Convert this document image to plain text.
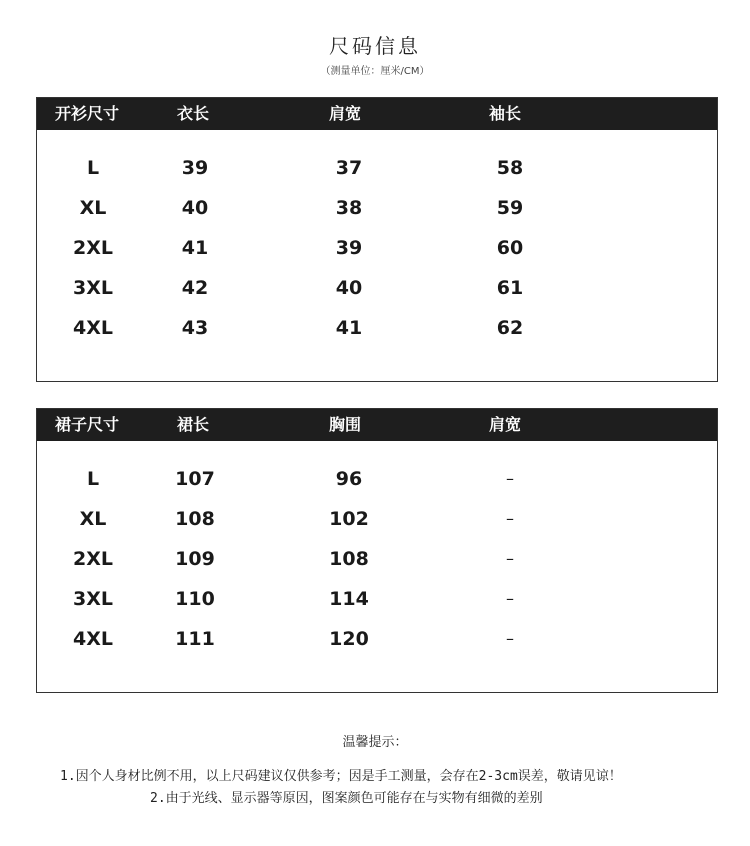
尺码信息
（测量单位：厘米/CM）
开衫尺寸	衣长	肩宽	袖长
L	39	37	58
XL	40	38	59
2XL	41	39	60
3XL	42	40	61
4XL	43	41	62
裙子尺寸	裙长	胸围	肩宽
L	107	96	–
XL	108	102	–
2XL	109	108	–
3XL	110	114	–
4XL	111	120	–
温馨提示：
1.因个人身材比例不用，以上尺码建议仅供参考；因是手工测量，会存在2-3cm误差，敬请见谅！
2.由于光线、显示器等原因，图案颜色可能存在与实物有细微的差别
